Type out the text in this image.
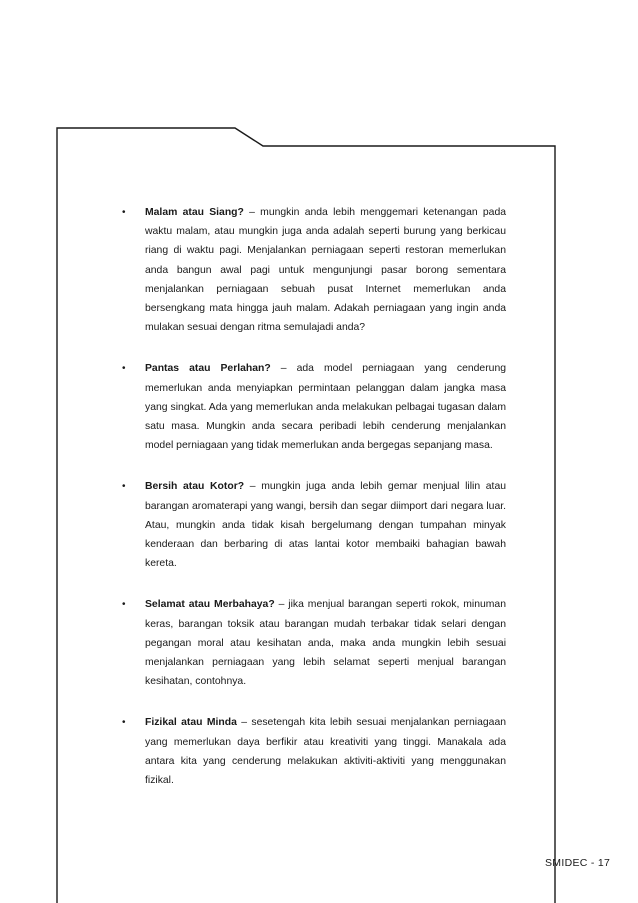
• Malam atau Siang? – mungkin anda lebih menggemari ketenangan pada waktu malam, atau mungkin juga anda adalah seperti burung yang berkicau riang di waktu pagi. Menjalankan perniagaan seperti restoran memerlukan anda bangun awal pagi untuk mengunjungi pasar borong sementara menjalankan perniagaan sebuah pusat Internet memerlukan anda bersengkang mata hingga jauh malam. Adakah perniagaan yang ingin anda mulakan sesuai dengan ritma semulajadi anda?
• Pantas atau Perlahan? – ada model perniagaan yang cenderung memerlukan anda menyiapkan permintaan pelanggan dalam jangka masa yang singkat. Ada yang memerlukan anda melakukan pelbagai tugasan dalam satu masa. Mungkin anda secara peribadi lebih cenderung menjalankan model perniagaan yang tidak memerlukan anda bergegas sepanjang masa.
• Bersih atau Kotor? – mungkin juga anda lebih gemar menjual lilin atau barangan aromaterapi yang wangi, bersih dan segar diimport dari negara luar. Atau, mungkin anda tidak kisah bergelumang dengan tumpahan minyak kenderaan dan berbaring di atas lantai kotor membaiki bahagian bawah kereta.
• Selamat atau Merbahaya? – jika menjual barangan seperti rokok, minuman keras, barangan toksik atau barangan mudah terbakar tidak selari dengan pegangan moral atau kesihatan anda, maka anda mungkin lebih sesuai menjalankan perniagaan yang lebih selamat seperti menjual barangan kesihatan, contohnya.
• Fizikal atau Minda – sesetengah kita lebih sesuai menjalankan perniagaan yang memerlukan daya berfikir atau kreativiti yang tinggi. Manakala ada antara kita yang cenderung melakukan aktiviti-aktiviti yang menggunakan fizikal.
SMIDEC - 17
